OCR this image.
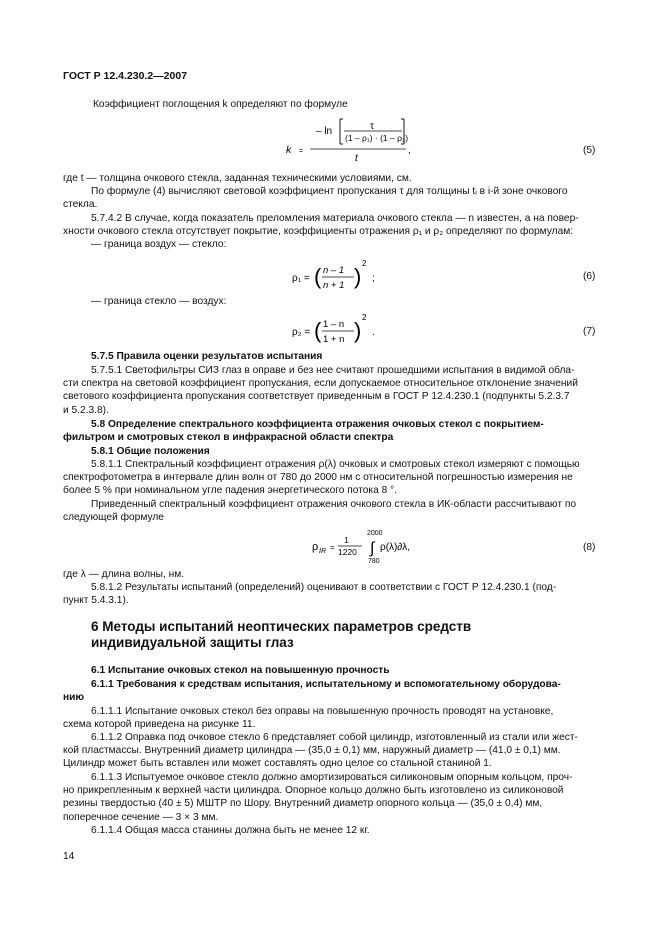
ГОСТ Р 12.4.230.2—2007
Коэффициент поглощения k определяют по формуле
k =
– ln	τ
(1 – ρ₁) · (1 – ρ₂)
t
,	(5)
где t — толщина очкового стекла, заданная техническими условиями, см.
По формуле (4) вычисляют световой коэффициент пропускания τ для толщины tᵢ в i-й зоне очкового
стекла.
5.7.4.2 В случае, когда показатель преломления материала очкового стекла — n известен, а на повер-
хности очкового стекла отсутствует покрытие, коэффициенты отражения ρ₁ и ρ₂ определяют по формулам:
— граница воздух — стекло:
ρ₁ = ( n – 1
n + 1 )
2
;	(6)
— граница стекло — воздух:
ρ₂ = ( 1 – n
1 + n )
2
.	(7)
5.7.5 Правила оценки результатов испытания
5.7.5.1 Светофильтры СИЗ глаз в оправе и без нее считают прошедшими испытания в видимой обла-
сти спектра на световой коэффициент пропускания, если допускаемое относительное отклонение значений
светового коэффициента пропускания соответствует приведенным в ГОСТ Р 12.4.230.1 (подпункты 5.2.3.7
и 5.2.3.8).
5.8 Определение спектрального коэффициента отражения очковых стекол с покрытием-
фильтром и смотровых стекол в инфракрасной области спектра
5.8.1 Общие положения
5.8.1.1 Спектральный коэффициент отражения ρ(λ) очковых и смотровых стекол измеряют с помощью
спектрофотометра в интервале длин волн от 780 до 2000 нм с относительной погрешностью измерения не
более 5 % при номинальном угле падения энергетического потока 8 °.
Приведенный спектральный коэффициент отражения очкового стекла в ИК-области рассчитывают по
следующей формуле
ρ IR =
1
1220
2000
∫
780
ρ(λ)∂λ,	(8)
где λ — длина волны, нм.
5.8.1.2 Результаты испытаний (определений) оценивают в соответствии с ГОСТ Р 12.4.230.1 (под-
пункт 5.4.3.1).
6 Методы испытаний неоптических параметров средств
индивидуальной защиты глаз
6.1 Испытание очковых стекол на повышенную прочность
6.1.1 Требования к средствам испытания, испытательному и вспомогательному оборудова-
нию
6.1.1.1 Испытание очковых стекол без оправы на повышенную прочность проводят на установке,
схема которой приведена на рисунке 11.
6.1.1.2 Оправка под очковое стекло 6 представляет собой цилиндр, изготовленный из стали или жест-
кой пластмассы. Внутренний диаметр цилиндра — (35,0 ± 0,1) мм, наружный диаметр — (41,0 ± 0,1) мм.
Цилиндр может быть вставлен или может составлять одно целое со стальной станиной 1.
6.1.1.3 Испытуемое очковое стекло должно амортизироваться силиконовым опорным кольцом, проч-
но прикрепленным к верхней части цилиндра. Опорное кольцо должно быть изготовлено из силиконовой
резины твердостью (40 ± 5) МШТР по Шору. Внутренний диаметр опорного кольца — (35,0 ± 0,4) мм,
поперечное сечение — 3 × 3 мм.
6.1.1.4 Общая масса станины должна быть не менее 12 кг.
14
